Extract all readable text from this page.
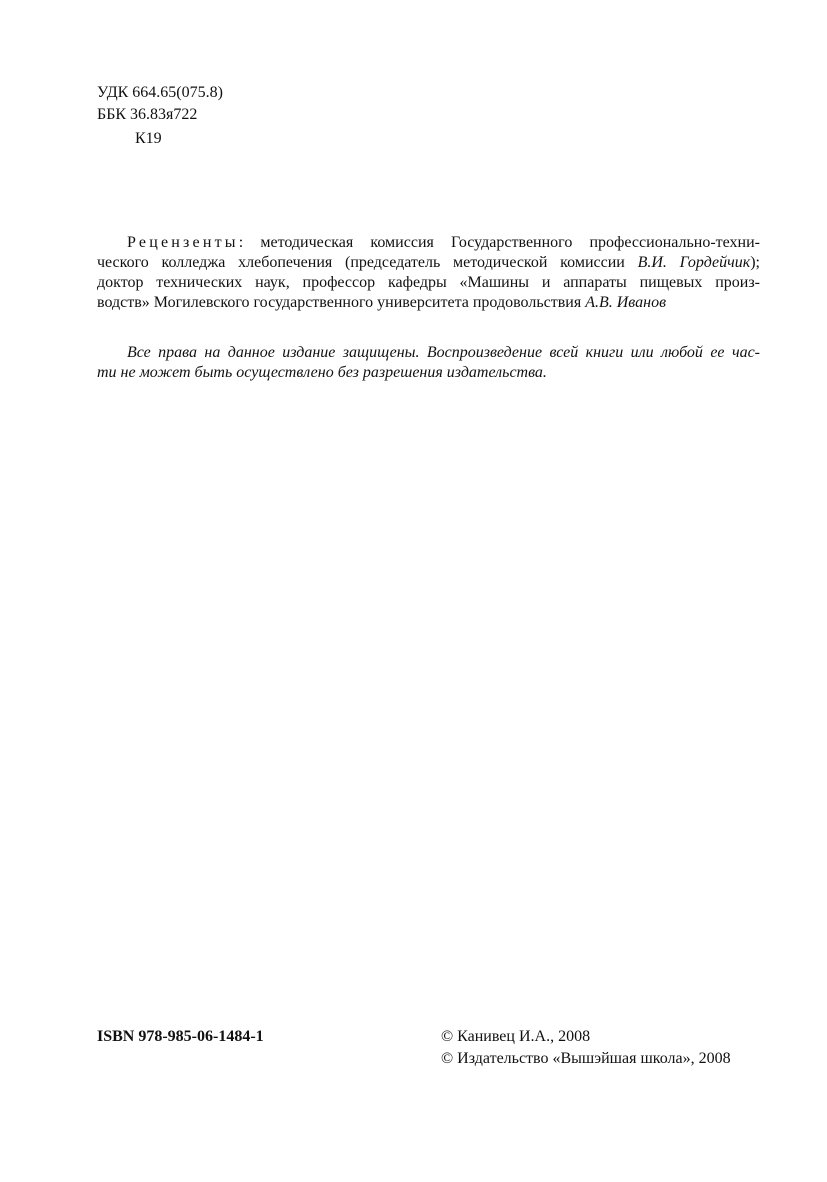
УДК 664.65(075.8)
ББК 36.83я722
К19
Рецензенты: методическая комиссия Государственного профессионально-техни-
ческого колледжа хлебопечения (председатель методической комиссии В.И. Гордейчик);
доктор технических наук, профессор кафедры «Машины и аппараты пищевых произ-
водств» Могилевского государственного университета продовольствия А.В. Иванов
Все права на данное издание защищены. Воспроизведение всей книги или любой ее час-
ти не может быть осуществлено без разрешения издательства.
ISBN 978-985-06-1484-1	© Канивец И.А., 2008
© Издательство «Вышэйшая школа», 2008
